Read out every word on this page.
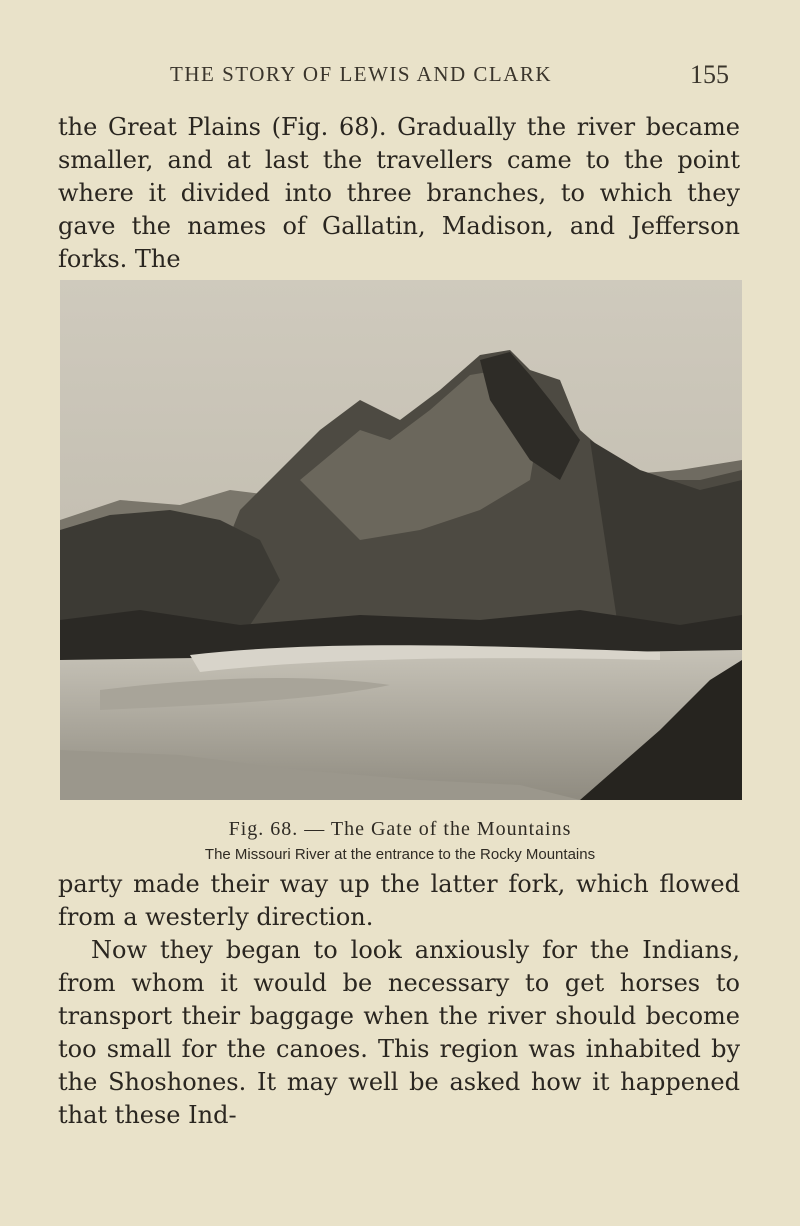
THE STORY OF LEWIS AND CLARK	155

the Great Plains (Fig. 68). Gradually the river became smaller, and at last the travellers came to the point where it divided into three branches, to which they gave the names of Gallatin, Madison, and Jefferson forks. The

Fig. 68. — The Gate of the Mountains
The Missouri River at the entrance to the Rocky Mountains
party made their way up the latter fork, which flowed from a westerly direction.
Now they began to look anxiously for the Indians, from whom it would be necessary to get horses to transport their baggage when the river should become too small for the canoes. This region was inhabited by the Shoshones. It may well be asked how it happened that these Ind-
